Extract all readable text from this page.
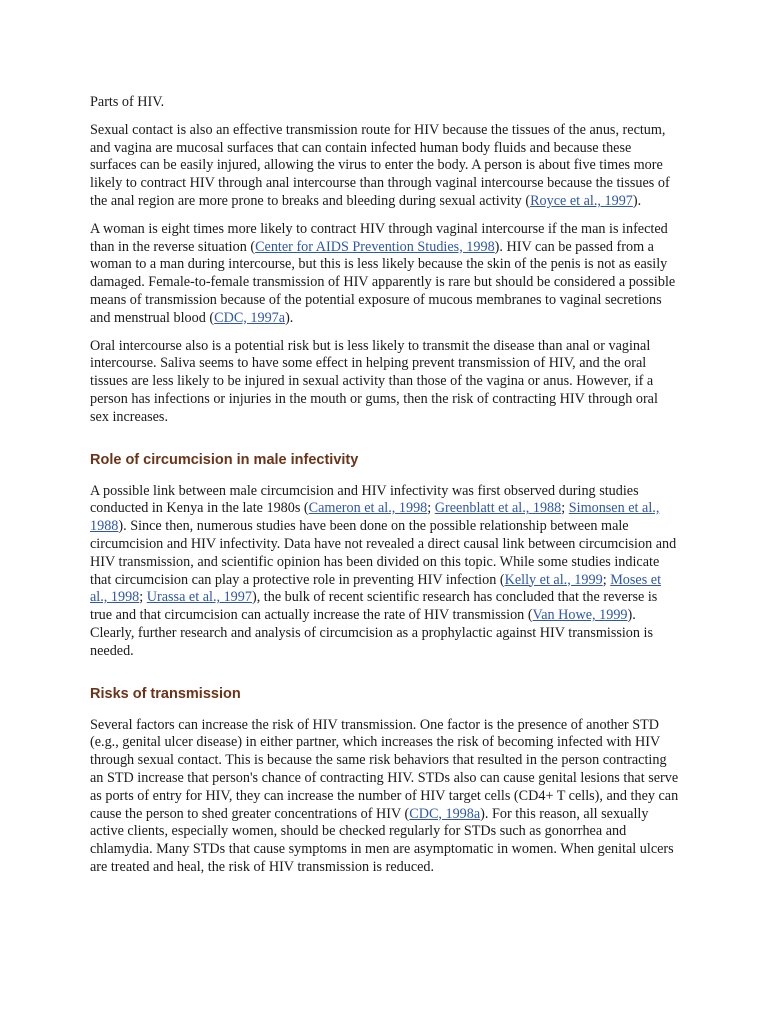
Parts of HIV.

Sexual contact is also an effective transmission route for HIV because the tissues of the anus, rectum, and vagina are mucosal surfaces that can contain infected human body fluids and because these surfaces can be easily injured, allowing the virus to enter the body. A person is about five times more likely to contract HIV through anal intercourse than through vaginal intercourse because the tissues of the anal region are more prone to breaks and bleeding during sexual activity (Royce et al., 1997).

A woman is eight times more likely to contract HIV through vaginal intercourse if the man is infected than in the reverse situation (Center for AIDS Prevention Studies, 1998). HIV can be passed from a woman to a man during intercourse, but this is less likely because the skin of the penis is not as easily damaged. Female-to-female transmission of HIV apparently is rare but should be considered a possible means of transmission because of the potential exposure of mucous membranes to vaginal secretions and menstrual blood (CDC, 1997a).

Oral intercourse also is a potential risk but is less likely to transmit the disease than anal or vaginal intercourse. Saliva seems to have some effect in helping prevent transmission of HIV, and the oral tissues are less likely to be injured in sexual activity than those of the vagina or anus. However, if a person has infections or injuries in the mouth or gums, then the risk of contracting HIV through oral sex increases.

Role of circumcision in male infectivity

A possible link between male circumcision and HIV infectivity was first observed during studies conducted in Kenya in the late 1980s (Cameron et al., 1998; Greenblatt et al., 1988; Simonsen et al., 1988). Since then, numerous studies have been done on the possible relationship between male circumcision and HIV infectivity. Data have not revealed a direct causal link between circumcision and HIV transmission, and scientific opinion has been divided on this topic. While some studies indicate that circumcision can play a protective role in preventing HIV infection (Kelly et al., 1999; Moses et al., 1998; Urassa et al., 1997), the bulk of recent scientific research has concluded that the reverse is true and that circumcision can actually increase the rate of HIV transmission (Van Howe, 1999). Clearly, further research and analysis of circumcision as a prophylactic against HIV transmission is needed.

Risks of transmission

Several factors can increase the risk of HIV transmission. One factor is the presence of another STD (e.g., genital ulcer disease) in either partner, which increases the risk of becoming infected with HIV through sexual contact. This is because the same risk behaviors that resulted in the person contracting an STD increase that person's chance of contracting HIV. STDs also can cause genital lesions that serve as ports of entry for HIV, they can increase the number of HIV target cells (CD4+ T cells), and they can cause the person to shed greater concentrations of HIV (CDC, 1998a). For this reason, all sexually active clients, especially women, should be checked regularly for STDs such as gonorrhea and chlamydia. Many STDs that cause symptoms in men are asymptomatic in women. When genital ulcers are treated and heal, the risk of HIV transmission is reduced.
